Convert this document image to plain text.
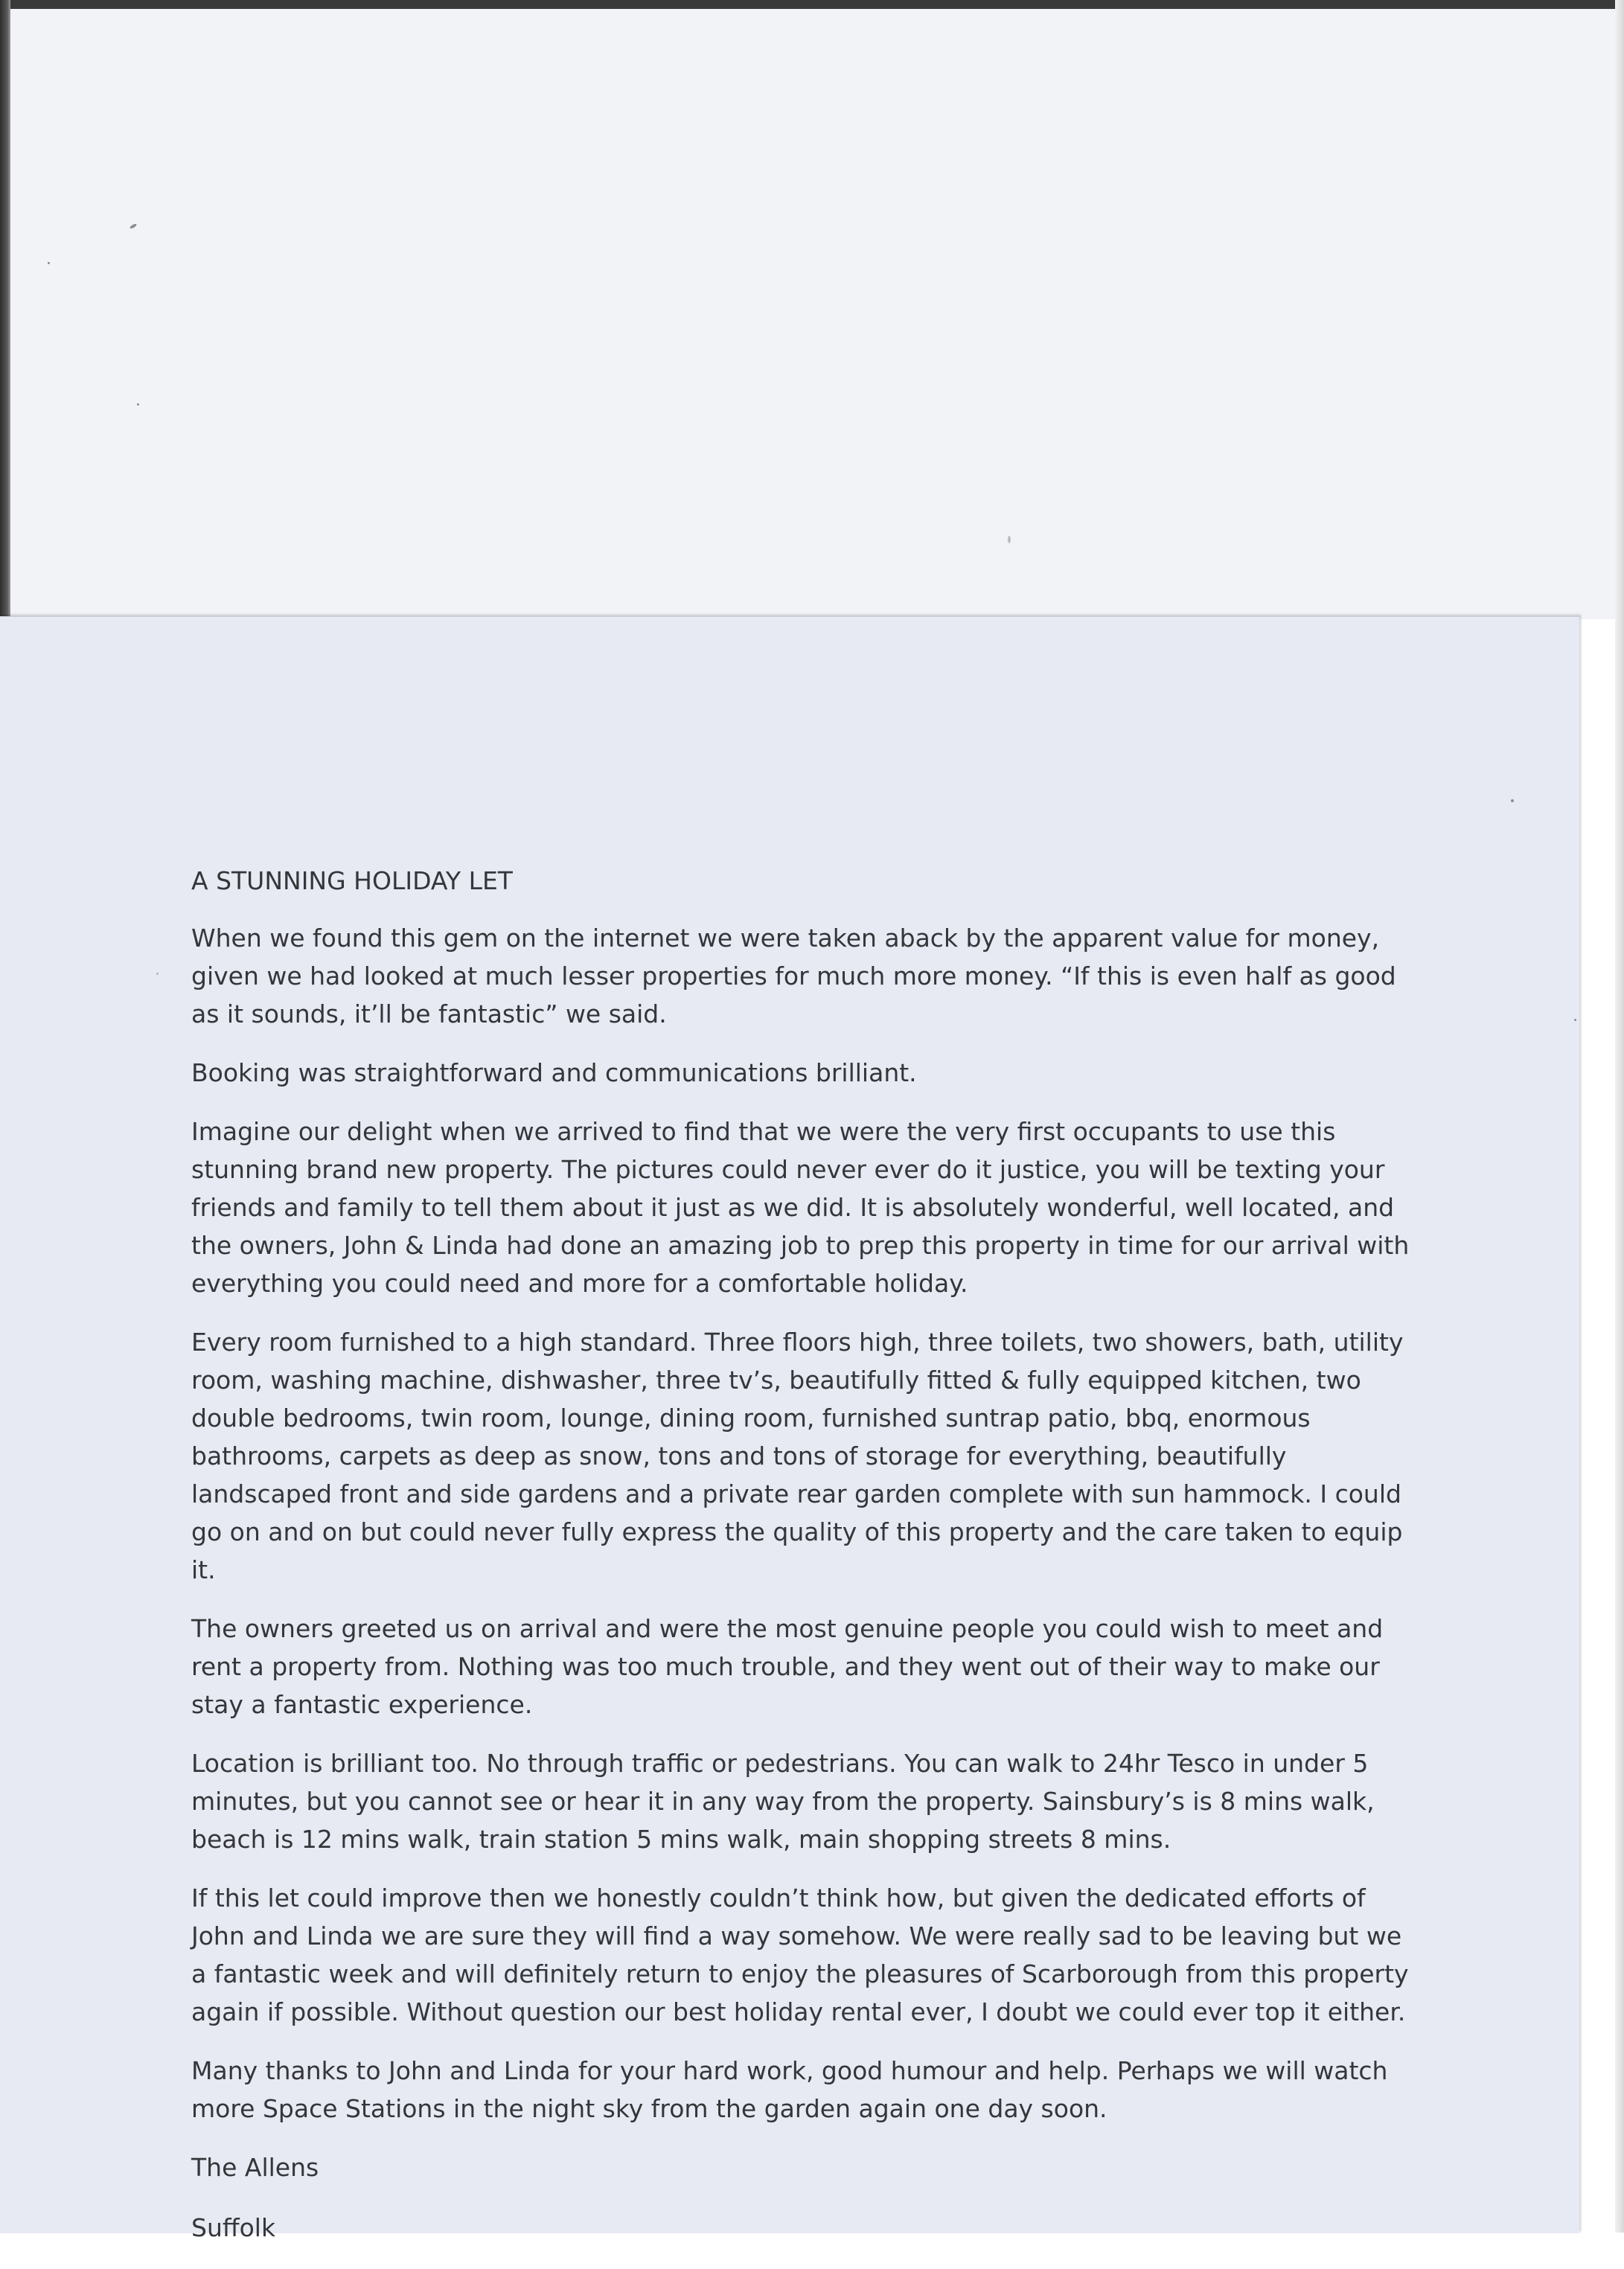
A STUNNING HOLIDAY LET

When we found this gem on the internet we were taken aback by the apparent value for money, given we had looked at much lesser properties for much more money. “If this is even half as good as it sounds, it’ll be fantastic” we said.

Booking was straightforward and communications brilliant.

Imagine our delight when we arrived to find that we were the very first occupants to use this stunning brand new property. The pictures could never ever do it justice, you will be texting your friends and family to tell them about it just as we did. It is absolutely wonderful, well located, and the owners, John & Linda had done an amazing job to prep this property in time for our arrival with everything you could need and more for a comfortable holiday.

Every room furnished to a high standard. Three floors high, three toilets, two showers, bath, utility room, washing machine, dishwasher, three tv’s, beautifully fitted & fully equipped kitchen, two double bedrooms, twin room, lounge, dining room, furnished suntrap patio, bbq, enormous bathrooms, carpets as deep as snow, tons and tons of storage for everything, beautifully landscaped front and side gardens and a private rear garden complete with sun hammock. I could go on and on but could never fully express the quality of this property and the care taken to equip it.

The owners greeted us on arrival and were the most genuine people you could wish to meet and rent a property from. Nothing was too much trouble, and they went out of their way to make our stay a fantastic experience.

Location is brilliant too. No through traffic or pedestrians. You can walk to 24hr Tesco in under 5 minutes, but you cannot see or hear it in any way from the property. Sainsbury’s is 8 mins walk, beach is 12 mins walk, train station 5 mins walk, main shopping streets 8 mins.

If this let could improve then we honestly couldn’t think how, but given the dedicated efforts of John and Linda we are sure they will find a way somehow. We were really sad to be leaving but we a fantastic week and will definitely return to enjoy the pleasures of Scarborough from this property again if possible. Without question our best holiday rental ever, I doubt we could ever top it either.

Many thanks to John and Linda for your hard work, good humour and help. Perhaps we will watch more Space Stations in the night sky from the garden again one day soon.

The Allens
Suffolk
